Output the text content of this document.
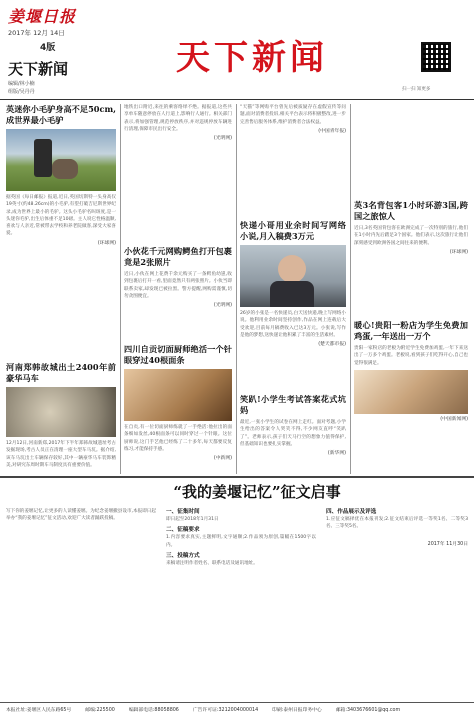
姜堰日报
2017年 12月 14日
4版
天下新闻
编辑/林小楠
组版/吴丹丹
天下新闻
扫一扫 知更多
英迷你小毛驴身高不足50cm,成世界最小毛驴
据英国《每日邮报》报道,近日,英国切斯特一头身高仅19英寸(约48.26cm)的小毛驴,有望打破吉尼斯世界纪录,成为世界上最小的毛驴。这头小毛驴名叫斑度,是一头迷你毛驴,出生后体重不足10磅。主人说它性格温顺,喜欢与人亲近,常被带去学校和养老院做客,深受大家喜爱。
(环球网)
河南郑韩故城出土2400年前豪华马车
12月12日,河南新郑,2017年下半年郑韩故城遗址考古发掘现场,考古人员正在清理一座大型车马坑。据介绍,该车马坑出土车辆保存较好,其中一辆豪华马车装饰精美,对研究东周时期车马制度具有重要价值。
地铁出口附近,来往的乘客络绎不绝。据报道,这些共享单车随意停放在人行道上,影响行人通行。相关部门表示,将加强管理,规范停放秩序,并对违规停放车辆进行清理,保障市民出行安全。
(光明网)
小伙花千元网购鳄鱼打开包裹竟是2张照片
近日,小伙在网上花费千余元购买了一条鳄鱼幼崽,收到包裹后打开一看,里面竟然只有两张照片。小伙当即联系卖家,却发现已被拉黑。警方提醒,网购需谨慎,切勿贪图便宜。
(光明网)
四川自贡切面厨师绝活一个针眼穿过40根面条
在自贡,有一位切面厨师练就了一手绝活:他拉出的面条细如发丝,40根面条可以同时穿过一个针眼。这位厨师说,这门手艺他已经练了二十多年,每天都要反复练习,才能保持手感。
(中新网)
“天猫”等网购平台曾先后被质疑存在虚假宣传等问题,面对消费者投诉,相关平台表示将积极整改,进一步完善售后服务体系,维护消费者合法权益。
(中国青年报)
快递小哥用业余时间写网络小说,月入稿费3万元
26岁的小张是一名快递员,白天送快递,晚上写网络小说。他利用业余时间坚持创作,作品在网上连载后大受欢迎,目前每月稿费收入已达3万元。小张说,写作是他的梦想,送快递让他积累了丰富的生活素材。
(楚天都市报)
笑趴!小学生考试答案花式坑妈
最近,一张小学生的试卷在网上走红。面对考题,小学生给出的答案令人哭笑不得,不少网友直呼“笑趴了”。老师表示,孩子们天马行空的想象力值得保护,但基础知识也要扎实掌握。
(新华网)
英3名背包客1小时环游3国,跨国之旅惊人
近日,3名英国背包客在欧洲完成了一次特别的旅行,他们在1小时内先后踏足3个国家。他们表示,这次旅行让他们深刻感受到欧洲各国之间往来的便利。
(环球网)
暖心!贵阳一粉店为学生免费加鸡蛋,一年送出一万个
贵阳一家粉店的老板为附近学生免费加鸡蛋,一年下来送出了一万多个鸡蛋。老板说,看到孩子们吃得开心,自己也觉得很满足。
(中国新闻网)
“我的姜堰记忆”征文启事
写下你的姜堰记忆,让更多的人读懂姜堰。为纪念姜堰撤县设市,本报即日起举办“我的姜堰记忆”征文活动,欢迎广大读者踊跃投稿。
一、征集时间
即日起至2018年1月31日
二、征稿要求
1.内容要求真实,主题鲜明,文字通顺;2.作品须为原创,篇幅在1500字以内。
三、投稿方式
来稿请注明作者姓名、联系电话及通讯地址。
四、作品展示及评选
1.应征文稿择优在本报刊发;2.征文结束后评选一等奖1名、二等奖3名、三等奖5名。
2017年 11月30日
本报社址:姜堰区人民东路65号	邮编:225500	编辑部电话:88058806	广告许可证:3212004000014	印刷:泰州日报印务中心	邮箱:3403676601@qq.com
